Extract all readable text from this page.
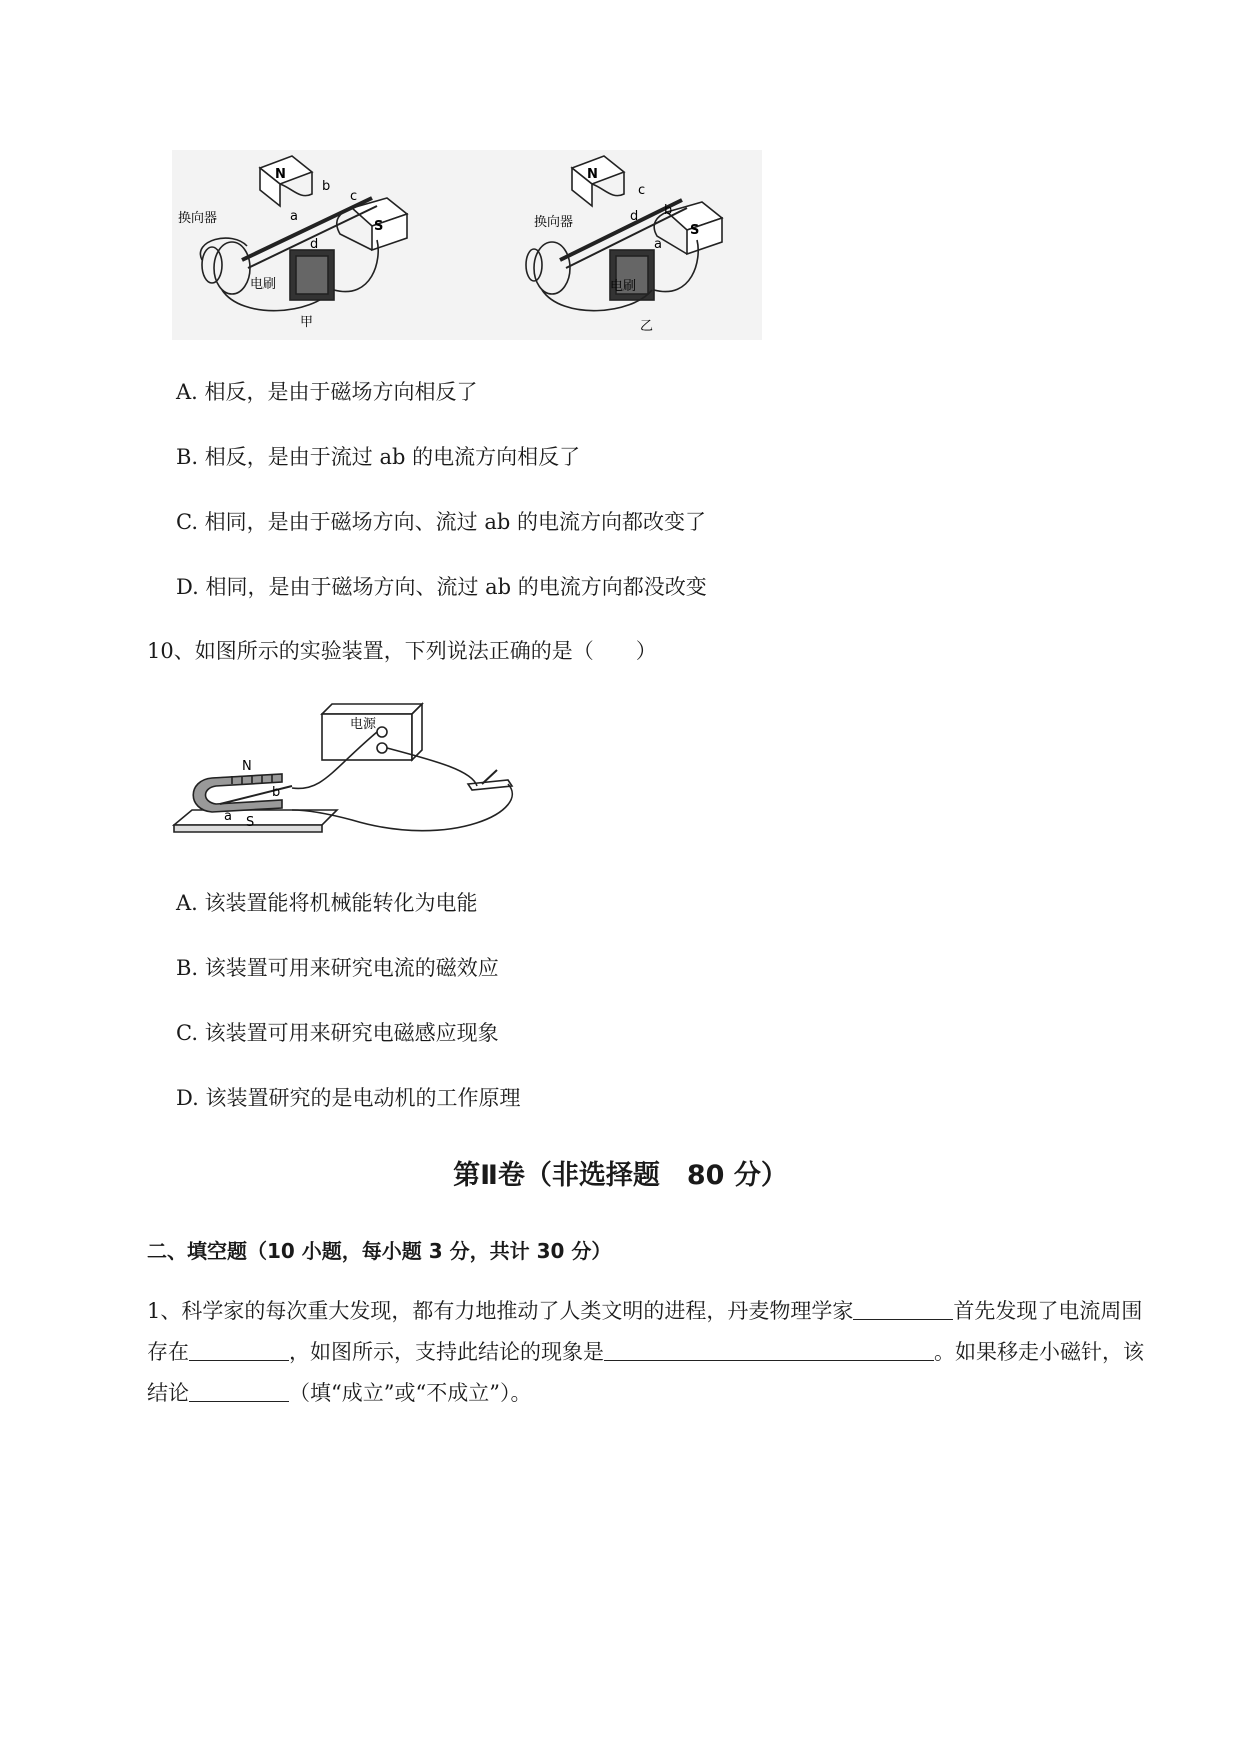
N
S
a
b
c
d
换向器
电刷
甲
N
S
a
b
c
d
换向器
电刷
乙
A. 相反，是由于磁场方向相反了
B. 相反，是由于流过 ab 的电流方向相反了
C. 相同，是由于磁场方向、流过 ab 的电流方向都改变了
D. 相同，是由于磁场方向、流过 ab 的电流方向都没改变
10、如图所示的实验装置，下列说法正确的是（　　）
电源
N
S
b
a
A. 该装置能将机械能转化为电能
B. 该装置可用来研究电流的磁效应
C. 该装置可用来研究电磁感应现象
D. 该装置研究的是电动机的工作原理
第Ⅱ卷（非选择题　80 分）
二、填空题（10 小题，每小题 3 分，共计 30 分）
1、科学家的每次重大发现，都有力地推动了人类文明的进程，丹麦物理学家	首先发现了电流周围存在	，如图所示，支持此结论的现象是	。如果移走小磁针，该结论	（填“成立”或“不成立”）。
